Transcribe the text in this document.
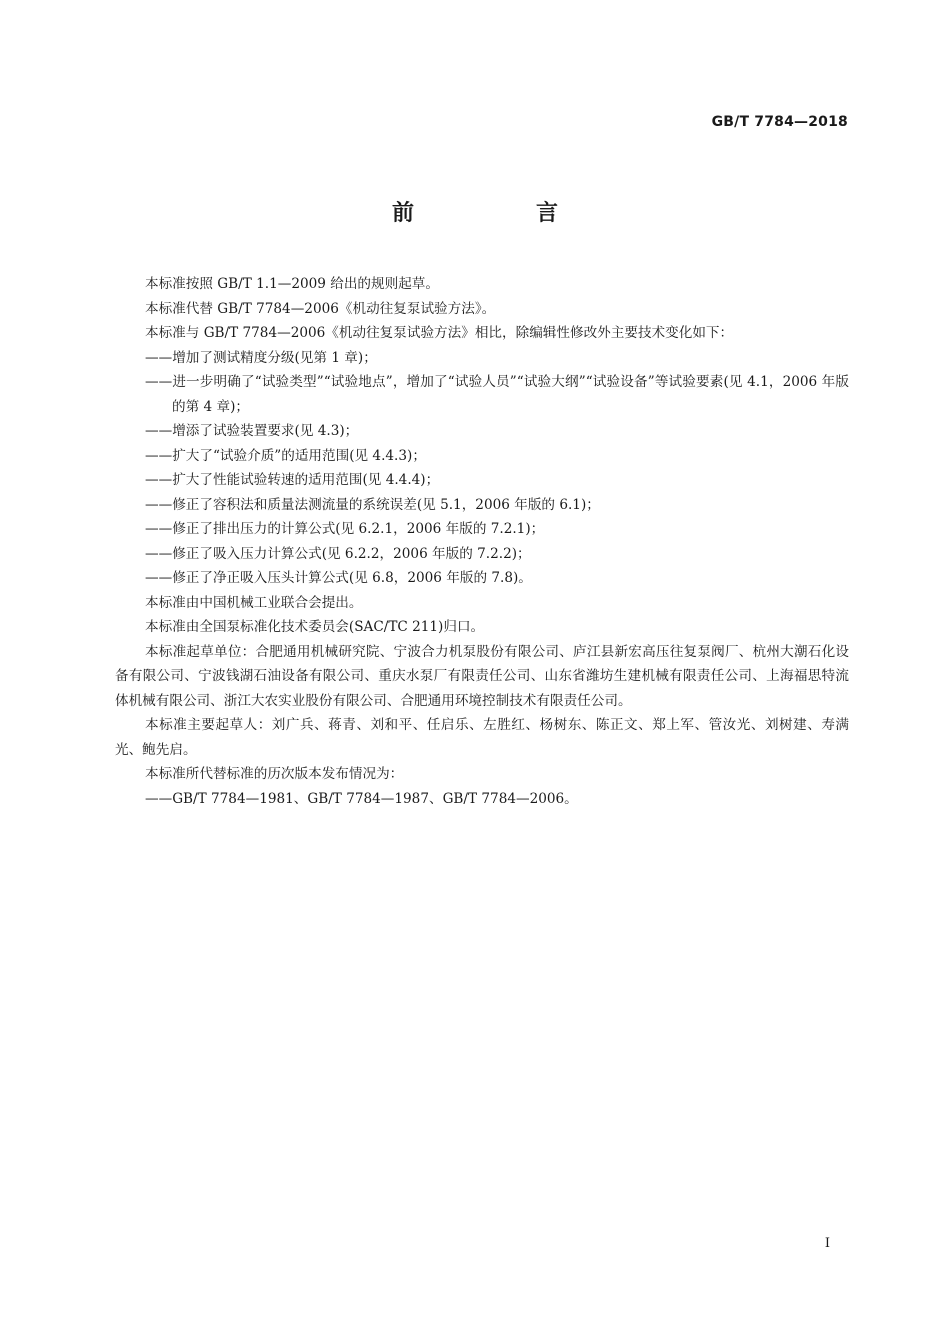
GB/T 7784—2018
前　言

本标准按照 GB/T 1.1—2009 给出的规则起草。

本标准代替 GB/T 7784—2006《机动往复泵试验方法》。

本标准与 GB/T 7784—2006《机动往复泵试验方法》相比，除编辑性修改外主要技术变化如下：

——增加了测试精度分级(见第 1 章)；

——进一步明确了“试验类型”“试验地点”，增加了“试验人员”“试验大纲”“试验设备”等试验要素(见 4.1，2006 年版的第 4 章)；

——增添了试验装置要求(见 4.3)；

——扩大了“试验介质”的适用范围(见 4.4.3)；

——扩大了性能试验转速的适用范围(见 4.4.4)；

——修正了容积法和质量法测流量的系统误差(见 5.1，2006 年版的 6.1)；

——修正了排出压力的计算公式(见 6.2.1，2006 年版的 7.2.1)；

——修正了吸入压力计算公式(见 6.2.2，2006 年版的 7.2.2)；

——修正了净正吸入压头计算公式(见 6.8，2006 年版的 7.8)。

本标准由中国机械工业联合会提出。

本标准由全国泵标准化技术委员会(SAC/TC 211)归口。

本标准起草单位：合肥通用机械研究院、宁波合力机泵股份有限公司、庐江县新宏高压往复泵阀厂、杭州大潮石化设备有限公司、宁波钱湖石油设备有限公司、重庆水泵厂有限责任公司、山东省潍坊生建机械有限责任公司、上海福思特流体机械有限公司、浙江大农实业股份有限公司、合肥通用环境控制技术有限责任公司。

本标准主要起草人：刘广兵、蒋青、刘和平、任启乐、左胜红、杨树东、陈正文、郑上军、管汝光、刘树建、寿满光、鲍先启。

本标准所代替标准的历次版本发布情况为：

——GB/T 7784—1981、GB/T 7784—1987、GB/T 7784—2006。

I
